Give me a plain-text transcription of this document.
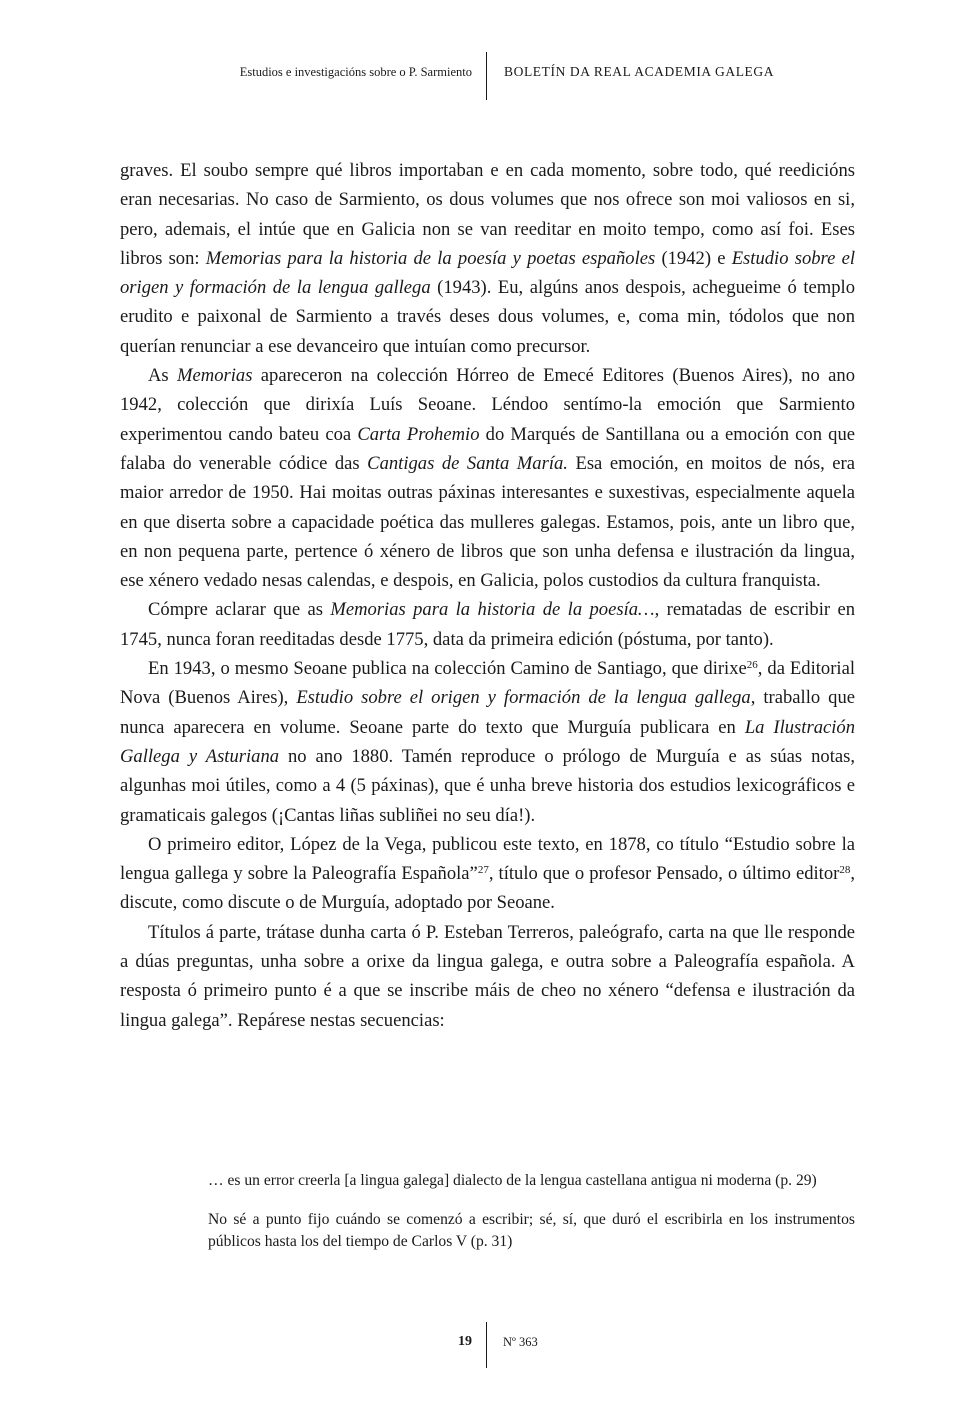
Estudios e investigacións sobre o P. Sarmiento BOLETÍN DA REAL ACADEMIA GALEGA

graves. El soubo sempre qué libros importaban e en cada momento, sobre todo, qué reedicións eran necesarias. No caso de Sarmiento, os dous volumes que nos ofrece son moi valiosos en si, pero, ademais, el intúe que en Galicia non se van reeditar en moito tempo, como así foi. Eses libros son: Memorias para la historia de la poesía y poetas españoles (1942) e Estudio sobre el origen y formación de la lengua gallega (1943). Eu, algúns anos despois, achegueime ó templo erudito e paixonal de Sarmiento a través deses dous volumes, e, coma min, tódolos que non querían renunciar a ese devanceiro que intuían como precursor.

As Memorias apareceron na colección Hórreo de Emecé Editores (Buenos Aires), no ano 1942, colección que dirixía Luís Seoane. Léndoo sentímo-la emoción que Sarmiento experimentou cando bateu coa Carta Prohemio do Marqués de Santillana ou a emoción con que falaba do venerable códice das Cantigas de Santa María. Esa emoción, en moitos de nós, era maior arredor de 1950. Hai moitas outras páxinas interesantes e suxestivas, especialmente aquela en que diserta sobre a capacidade poética das mulleres galegas. Estamos, pois, ante un libro que, en non pequena parte, pertence ó xénero de libros que son unha defensa e ilustración da lingua, ese xénero vedado nesas calendas, e despois, en Galicia, polos custodios da cultura franquista.

Cómpre aclarar que as Memorias para la historia de la poesía…, rematadas de escribir en 1745, nunca foran reeditadas desde 1775, data da primeira edición (póstuma, por tanto).

En 1943, o mesmo Seoane publica na colección Camino de Santiago, que dirixe$^{26}$, da Editorial Nova (Buenos Aires), Estudio sobre el origen y formación de la lengua gallega, traballo que nunca aparecera en volume. Seoane parte do texto que Murguía publicara en La Ilustración Gallega y Asturiana no ano 1880. Tamén reproduce o prólogo de Murguía e as súas notas, algunhas moi útiles, como a 4 (5 páxinas), que é unha breve historia dos estudios lexicográficos e gramaticais galegos (¡Cantas liñas subliñei no seu día!).

O primeiro editor, López de la Vega, publicou este texto, en 1878, co título “Estudio sobre la lengua gallega y sobre la Paleografía Española”$^{27}$, título que o profesor Pensado, o último editor$^{28}$, discute, como discute o de Murguía, adoptado por Seoane.

Títulos á parte, trátase dunha carta ó P. Esteban Terreros, paleógrafo, carta na que lle responde a dúas preguntas, unha sobre a orixe da lingua galega, e outra sobre a Paleografía española. A resposta ó primeiro punto é a que se inscribe máis de cheo no xénero “defensa e ilustración da lingua galega”. Repárese nestas secuencias:

… es un error creerla [a lingua galega] dialecto de la lengua castellana antigua ni moderna (p. 29)

No sé a punto fijo cuándo se comenzó a escribir; sé, sí, que duró el escribirla en los instrumentos públicos hasta los del tiempo de Carlos V (p. 31)

19 Nº 363
